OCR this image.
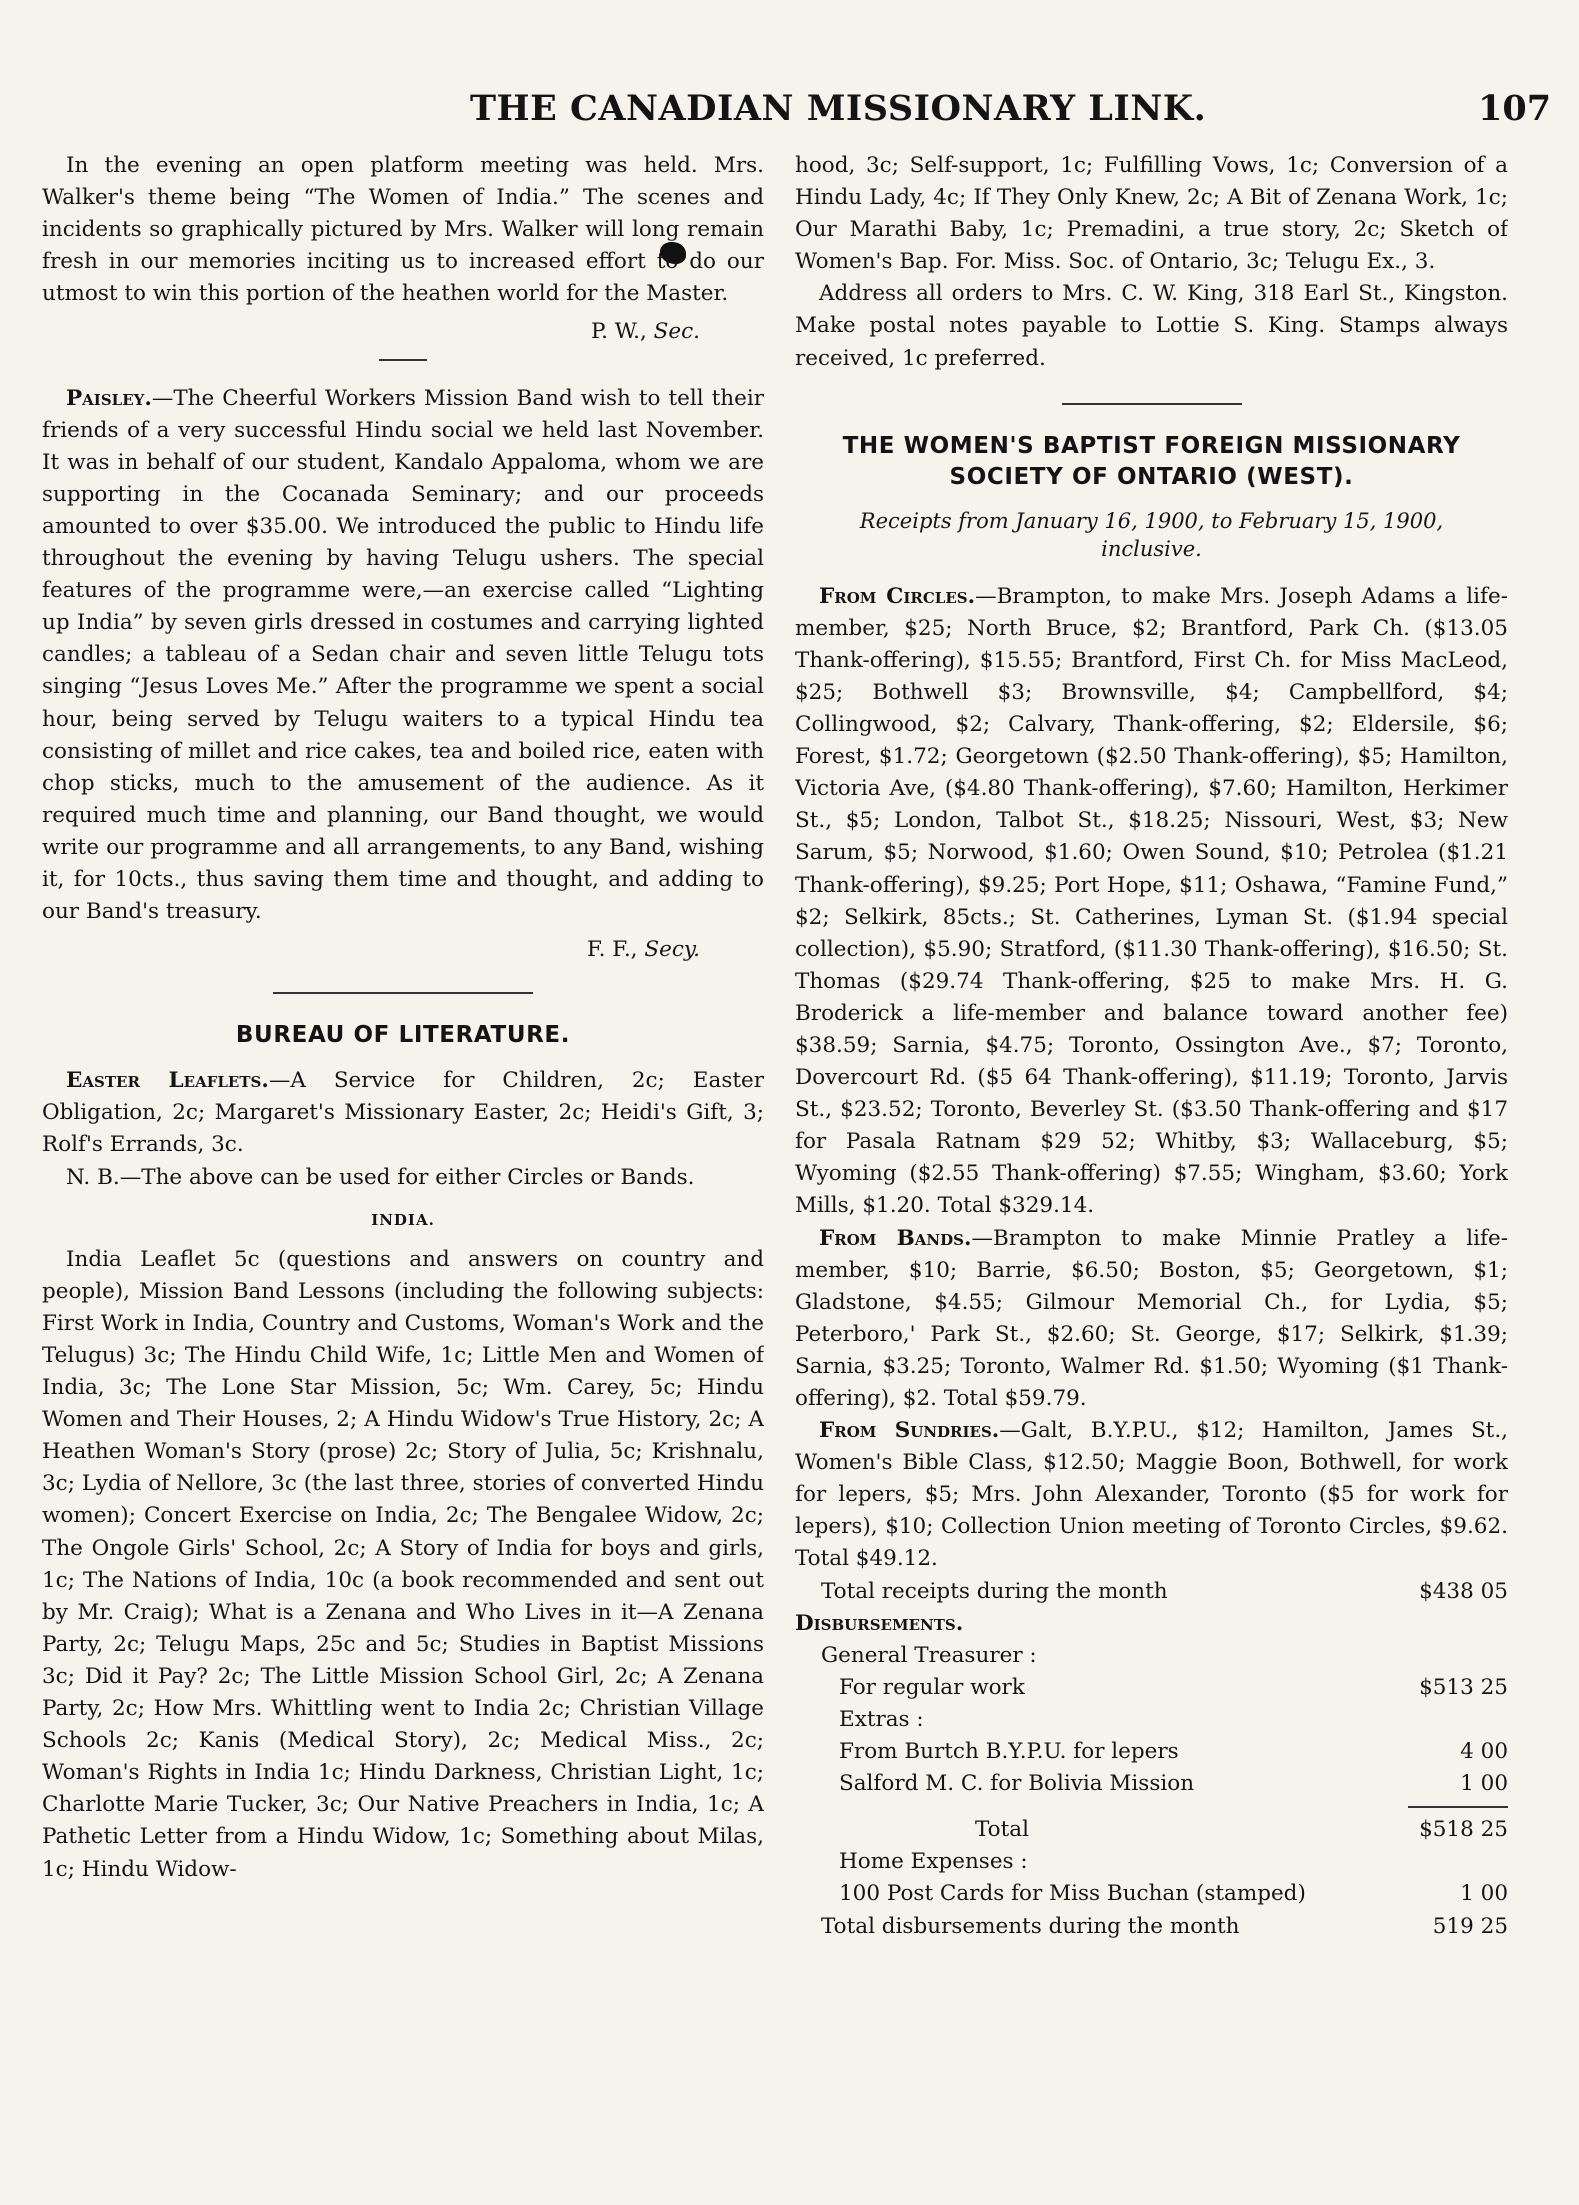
THE CANADIAN MISSIONARY LINK.	107

In the evening an open platform meeting was held. Mrs. Walker's theme being “The Women of India.” The scenes and incidents so graphically pictured by Mrs. Walker will long remain fresh in our memories inciting us to increased effort to do our utmost to win this portion of the heathen world for the Master.

P. W., Sec.

Paisley.—The Cheerful Workers Mission Band wish to tell their friends of a very successful Hindu social we held last November. It was in behalf of our student, Kandalo Appaloma, whom we are supporting in the Cocanada Seminary; and our proceeds amounted to over $35.00. We introduced the public to Hindu life throughout the evening by having Telugu ushers. The special features of the programme were,—an exercise called “Lighting up India” by seven girls dressed in costumes and carrying lighted candles; a tableau of a Sedan chair and seven little Telugu tots singing “Jesus Loves Me.” After the programme we spent a social hour, being served by Telugu waiters to a typical Hindu tea consisting of millet and rice cakes, tea and boiled rice, eaten with chop sticks, much to the amusement of the audience. As it required much time and planning, our Band thought, we would write our programme and all arrangements, to any Band, wishing it, for 10cts., thus saving them time and thought, and adding to our Band's treasury.

F. F., Secy.

BUREAU OF LITERATURE.

Easter Leaflets.—A Service for Children, 2c; Easter Obligation, 2c; Margaret's Missionary Easter, 2c; Heidi's Gift, 3; Rolf's Errands, 3c.

N. B.—The above can be used for either Circles or Bands.

INDIA.

India Leaflet 5c (questions and answers on country and people), Mission Band Lessons (including the following subjects: First Work in India, Country and Customs, Woman's Work and the Telugus) 3c; The Hindu Child Wife, 1c; Little Men and Women of India, 3c; The Lone Star Mission, 5c; Wm. Carey, 5c; Hindu Women and Their Houses, 2; A Hindu Widow's True History, 2c; A Heathen Woman's Story (prose) 2c; Story of Julia, 5c; Krishnalu, 3c; Lydia of Nellore, 3c (the last three, stories of converted Hindu women); Concert Exercise on India, 2c; The Bengalee Widow, 2c; The Ongole Girls' School, 2c; A Story of India for boys and girls, 1c; The Nations of India, 10c (a book recommended and sent out by Mr. Craig); What is a Zenana and Who Lives in it—A Zenana Party, 2c; Telugu Maps, 25c and 5c; Studies in Baptist Missions 3c; Did it Pay? 2c; The Little Mission School Girl, 2c; A Zenana Party, 2c; How Mrs. Whittling went to India 2c; Christian Village Schools 2c; Kanis (Medical Story), 2c; Medical Miss., 2c; Woman's Rights in India 1c; Hindu Darkness, Christian Light, 1c; Charlotte Marie Tucker, 3c; Our Native Preachers in India, 1c; A Pathetic Letter from a Hindu Widow, 1c; Something about Milas, 1c; Hindu Widow-

hood, 3c; Self-support, 1c; Fulfilling Vows, 1c; Conversion of a Hindu Lady, 4c; If They Only Knew, 2c; A Bit of Zenana Work, 1c; Our Marathi Baby, 1c; Premadini, a true story, 2c; Sketch of Women's Bap. For. Miss. Soc. of Ontario, 3c; Telugu Ex., 3.

Address all orders to Mrs. C. W. King, 318 Earl St., Kingston. Make postal notes payable to Lottie S. King. Stamps always received, 1c preferred.

THE WOMEN'S BAPTIST FOREIGN MISSIONARY SOCIETY OF ONTARIO (WEST).
Receipts from January 16, 1900, to February 15, 1900, inclusive.

From Circles.—Brampton, to make Mrs. Joseph Adams a life-member, $25; North Bruce, $2; Brantford, Park Ch. ($13.05 Thank-offering), $15.55; Brantford, First Ch. for Miss MacLeod, $25; Bothwell $3; Brownsville, $4; Campbellford, $4; Collingwood, $2; Calvary, Thank-offering, $2; Eldersile, $6; Forest, $1.72; Georgetown ($2.50 Thank-offering), $5; Hamilton, Victoria Ave, ($4.80 Thank-offering), $7.60; Hamilton, Herkimer St., $5; London, Talbot St., $18.25; Nissouri, West, $3; New Sarum, $5; Norwood, $1.60; Owen Sound, $10; Petrolea ($1.21 Thank-offering), $9.25; Port Hope, $11; Oshawa, “Famine Fund,” $2; Selkirk, 85cts.; St. Catherines, Lyman St. ($1.94 special collection), $5.90; Stratford, ($11.30 Thank-offering), $16.50; St. Thomas ($29.74 Thank-offering, $25 to make Mrs. H. G. Broderick a life-member and balance toward another fee) $38.59; Sarnia, $4.75; Toronto, Ossington Ave., $7; Toronto, Dovercourt Rd. ($5 64 Thank-offering), $11.19; Toronto, Jarvis St., $23.52; Toronto, Beverley St. ($3.50 Thank-offering and $17 for Pasala Ratnam $29 52; Whitby, $3; Wallaceburg, $5; Wyoming ($2.55 Thank-offering) $7.55; Wingham, $3.60; York Mills, $1.20. Total $329.14.

From Bands.—Brampton to make Minnie Pratley a life-member, $10; Barrie, $6.50; Boston, $5; Georgetown, $1; Gladstone, $4.55; Gilmour Memorial Ch., for Lydia, $5; Peterboro,' Park St., $2.60; St. George, $17; Selkirk, $1.39; Sarnia, $3.25; Toronto, Walmer Rd. $1.50; Wyoming ($1 Thank-offering), $2. Total $59.79.

From Sundries.—Galt, B.Y.P.U., $12; Hamilton, James St., Women's Bible Class, $12.50; Maggie Boon, Bothwell, for work for lepers, $5; Mrs. John Alexander, Toronto ($5 for work for lepers), $10; Collection Union meeting of Toronto Circles, $9.62. Total $49.12.

Total receipts during the month	$438 05
Disbursements.
General Treasurer :
For regular work	$513 25
Extras :
From Burtch B.Y.P.U. for lepers	4 00
Salford M. C. for Bolivia Mission	1 00
Total	$518 25
Home Expenses :
100 Post Cards for Miss Buchan (stamped)	1 00
Total disbursements during the month	519 25
